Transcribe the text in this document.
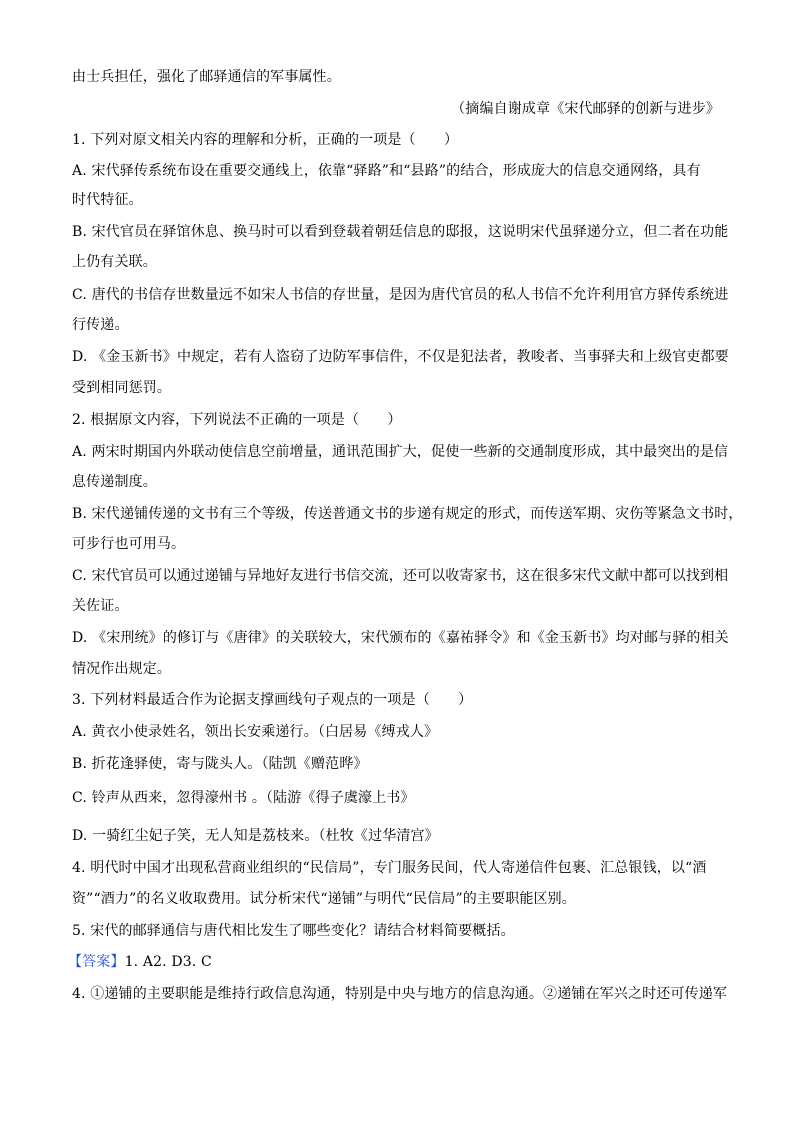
由士兵担任，强化了邮驿通信的军事属性。
（摘编自谢成章《宋代邮驿的创新与进步》
1. 下列对原文相关内容的理解和分析，正确的一项是（　　）
A. 宋代驿传系统布设在重要交通线上，依靠“驿路”和“县路”的结合，形成庞大的信息交通网络，具有
时代特征。
B. 宋代官员在驿馆休息、换马时可以看到登载着朝廷信息的邸报，这说明宋代虽驿递分立，但二者在功能
上仍有关联。
C. 唐代的书信存世数量远不如宋人书信的存世量，是因为唐代官员的私人书信不允许利用官方驿传系统进
行传递。
D. 《金玉新书》中规定，若有人盗窃了边防军事信件，不仅是犯法者，教唆者、当事驿夫和上级官吏都要
受到相同惩罚。
2. 根据原文内容，下列说法不正确的一项是（　　）
A. 两宋时期国内外联动使信息空前增量，通讯范围扩大，促使一些新的交通制度形成，其中最突出的是信
息传递制度。
B. 宋代递铺传递的文书有三个等级，传送普通文书的步递有规定的形式，而传送军期、灾伤等紧急文书时，
可步行也可用马。
C. 宋代官员可以通过递铺与异地好友进行书信交流，还可以收寄家书，这在很多宋代文献中都可以找到相
关佐证。
D. 《宋刑统》的修订与《唐律》的关联较大，宋代颁布的《嘉祐驿令》和《金玉新书》均对邮与驿的相关
情况作出规定。
3. 下列材料最适合作为论据支撑画线句子观点的一项是（　　）
A. 黄衣小使录姓名，领出长安乘递行。（白居易《缚戎人》
B. 折花逢驿使，寄与陇头人。（陆凯《赠范晔》
C. 铃声从西来，忽得濠州书 。（陆游《得子虞濠上书》
D. 一骑红尘妃子笑，无人知是荔枝来。（杜牧《过华清宫》
4. 明代时中国才出现私营商业组织的“民信局”，专门服务民间，代人寄递信件包裹、汇总银钱，以“酒
资”“酒力”的名义收取费用。试分析宋代“递铺”与明代“民信局”的主要职能区别。
5. 宋代的邮驿通信与唐代相比发生了哪些变化？请结合材料简要概括。
【答案】1. A2. D3. C
4. ①递铺的主要职能是维持行政信息沟通，特别是中央与地方的信息沟通。②递铺在军兴之时还可传递军
